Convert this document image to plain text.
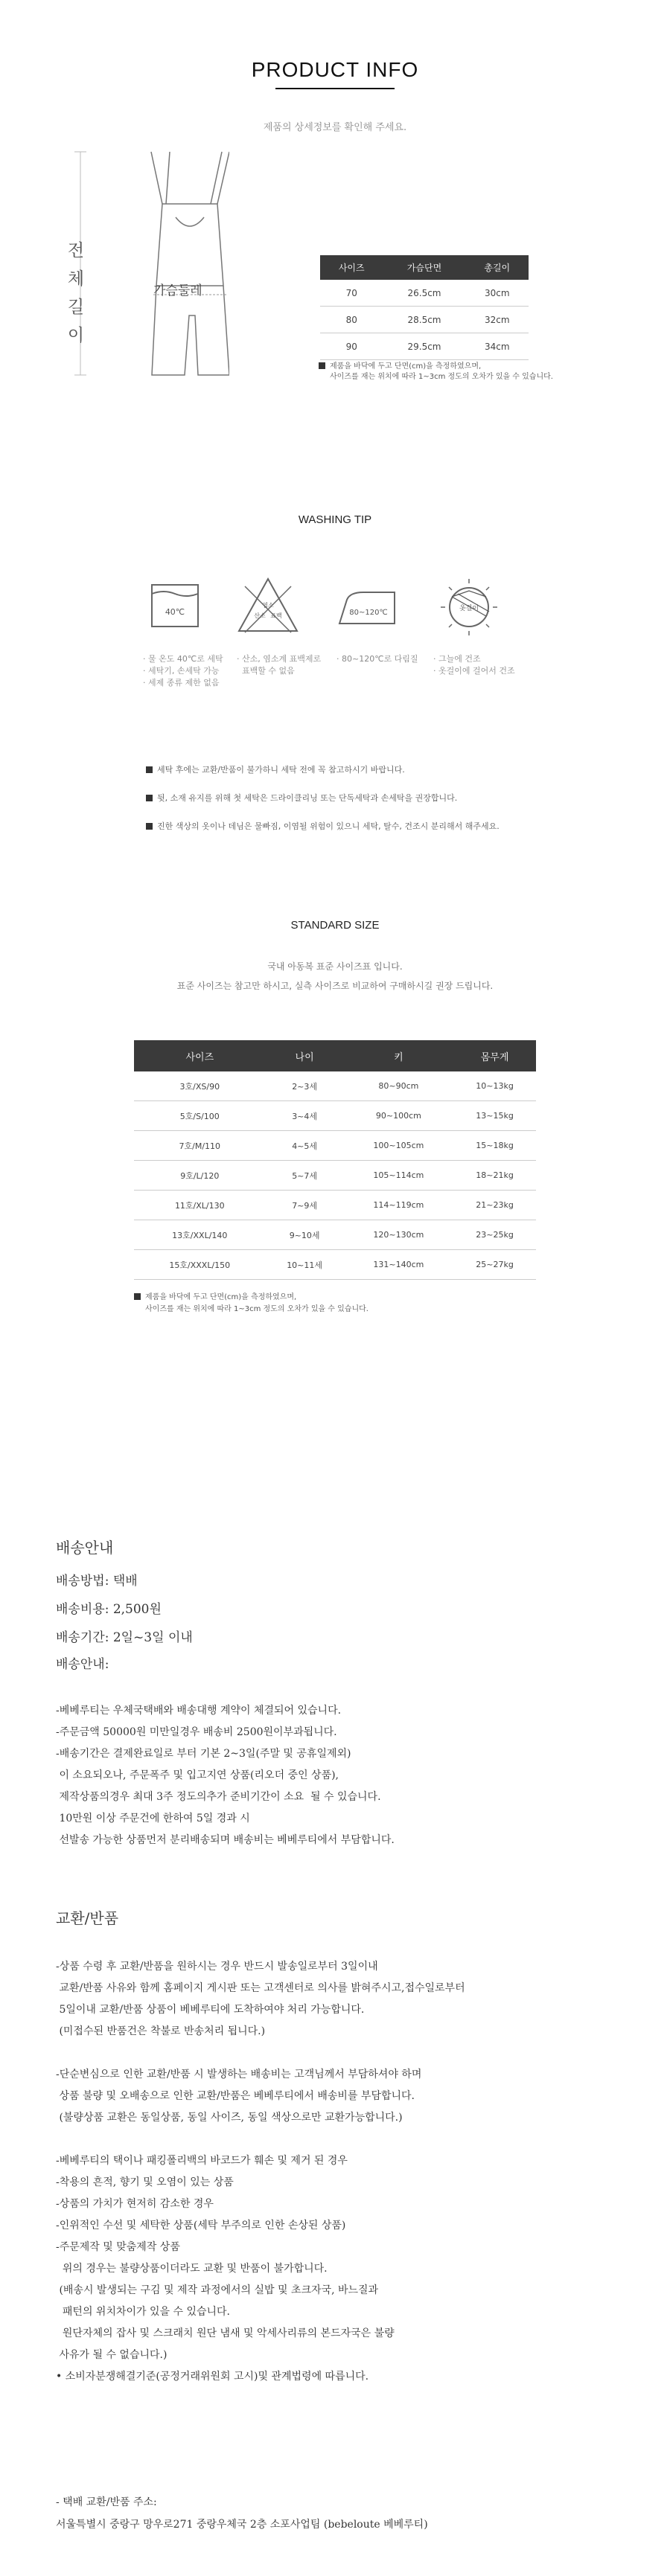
PRODUCT INFO
제품의 상세정보를 확인해 주세요.
전
체
길
이
가슴둘레
사이즈	가슴단면	총길이
70	26.5cm	30cm
80	28.5cm	32cm
90	29.5cm	34cm
제품을 바닥에 두고 단면(cm)을 측정하였으며,
사이즈를 재는 위치에 따라 1~3cm 정도의 오차가 있을 수 있습니다.
WASHING TIP
40℃
염소
산소 표백	80~120℃	옷걸이
· 물 온도 40℃로 세탁
· 세탁기, 손세탁 가능
· 세제 종류 제한 없음
· 산소, 염소계 표백제로
표백할 수 없음
· 80~120℃로 다림질 · 그늘에 건조
· 옷걸이에 걸어서 건조
세탁 후에는 교환/반품이 불가하니 세탁 전에 꼭 참고하시기 바랍니다.
뒷, 소재 유지를 위해 첫 세탁은 드라이클리닝 또는 단독세탁과 손세탁을 권장합니다.
진한 색상의 옷이나 데님은 물빠짐, 이염될 위험이 있으니 세탁, 탈수, 건조시 분리해서 해주세요.
STANDARD SIZE
국내 아동복 표준 사이즈표 입니다.
표준 사이즈는 참고만 하시고, 실측 사이즈로 비교하여 구매하시길 권장 드립니다.
사이즈	나이	키	몸무게
3호/XS/90	2~3세	80~90cm	10~13kg
5호/S/100	3~4세	90~100cm	13~15kg
7호/M/110	4~5세	100~105cm	15~18kg
9호/L/120	5~7세	105~114cm	18~21kg
11호/XL/130	7~9세	114~119cm	21~23kg
13호/XXL/140	9~10세	120~130cm	23~25kg
15호/XXXL/150	10~11세	131~140cm	25~27kg
제품을 바닥에 두고 단면(cm)을 측정하였으며,
사이즈를 재는 위치에 따라 1~3cm 정도의 오차가 있을 수 있습니다.
배송안내
배송방법: 택배
배송비용: 2,500원
배송기간: 2일~3일 이내
배송안내:

-베베루티는 우체국택배와 배송대행 계약이 체결되어 있습니다.
-주문금액 50000원 미만일경우 배송비 2500원이부과됩니다.
-배송기간은 결제완료일로 부터 기본 2~3일(주말 및 공휴일제외)
이 소요되오나, 주문폭주 및 입고지연 상품(리오더 중인 상품),
제작상품의경우 최대 3주 정도의추가 준비기간이 소요  될 수 있습니다.
10만원 이상 주문건에 한하여 5일 경과 시
선발송 가능한 상품먼저 분리배송되며 배송비는 베베루티에서 부담합니다.
교환/반품

-상품 수령 후 교환/반품을 원하시는 경우 반드시 발송일로부터 3일이내
교환/반품 사유와 함께 홈페이지 게시판 또는 고객센터로 의사를 밝혀주시고,접수일로부터
5일이내 교환/반품 상품이 베베루티에 도착하여야 처리 가능합니다.
(미접수된 반품건은 착불로 반송처리 됩니다.)
-단순변심으로 인한 교환/반품 시 발생하는 배송비는 고객님께서 부담하셔야 하며
상품 불량 및 오배송으로 인한 교환/반품은 베베루티에서 배송비를 부담합니다.
(불량상품 교환은 동일상품, 동일 사이즈, 동일 색상으로만 교환가능합니다.)
-베베루티의 택이나 패킹폴리백의 바코드가 훼손 및 제거 된 경우
-착용의 흔적, 향기 및 오염이 있는 상품
-상품의 가치가 현저히 감소한 경우
-인위적인 수선 및 세탁한 상품(세탁 부주의로 인한 손상된 상품)
-주문제작 및 맞춤제작 상품
위의 경우는 불량상품이더라도 교환 및 반품이 불가합니다.
(배송시 발생되는 구김 및 제작 과정에서의 실밥 및 초크자국, 바느질과
패턴의 위치차이가 있을 수 있습니다.
원단자체의 잡사 및 스크래치 원단 냄새 및 악세사리류의 본드자국은 불량
사유가 될 수 없습니다.)
• 소비자분쟁해결기준(공정거래위원회 고시)및 관계법령에 따릅니다.
- 택배 교환/반품 주소:
서울특별시 중랑구 망우로271 중랑우체국 2층 소포사업팀 (bebeloute 베베루티)
